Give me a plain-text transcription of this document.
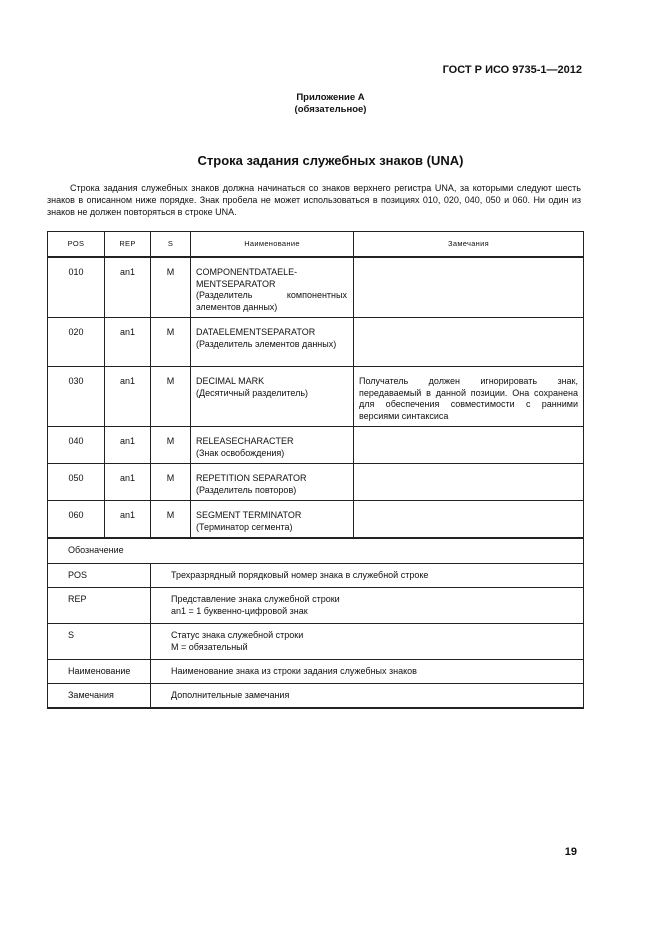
ГОСТ Р ИСО 9735-1—2012
Приложение А
(обязательное)
Строка задания служебных знаков (UNA)

Строка задания служебных знаков должна начинаться со знаков верхнего регистра UNA, за которыми следуют шесть знаков в описанном ниже порядке. Знак пробела не может использоваться в позициях 010, 020, 040, 050 и 060. Ни один из знаков не должен повторяться в строке UNA.

POS	REP	S	Наименование	Замечания
010	an1	M	COMPONENTDATAELE-MENTSEPARATOR
(Разделитель компонентных элементов данных)	

020	an1	M	DATAELEMENTSEPARATOR
(Разделитель элементов данных)	

030	an1	M	DECIMAL MARK
(Десятичный разделитель)	Получатель должен игнорировать знак, передаваемый в данной позиции. Она сохранена для обеспечения совместимости с ранними версиями синтаксиса
040	an1	M	RELEASECHARACTER
(Знак освобождения)	

050	an1	M	REPETITION SEPARATOR
(Разделитель повторов)	

060	an1	M	SEGMENT TERMINATOR
(Терминатор сегмента)	

Обозначение				
POS		Трехразрядный порядковый номер знака в служебной строке		

REP		Представление знака служебной строки
an1 = 1 буквенно-цифровой знак		

S		Статус знака служебной строки
M = обязательный		

Наименование		Наименование знака из строки задания служебных знаков		

Замечания		Дополнительные замечания		
19
